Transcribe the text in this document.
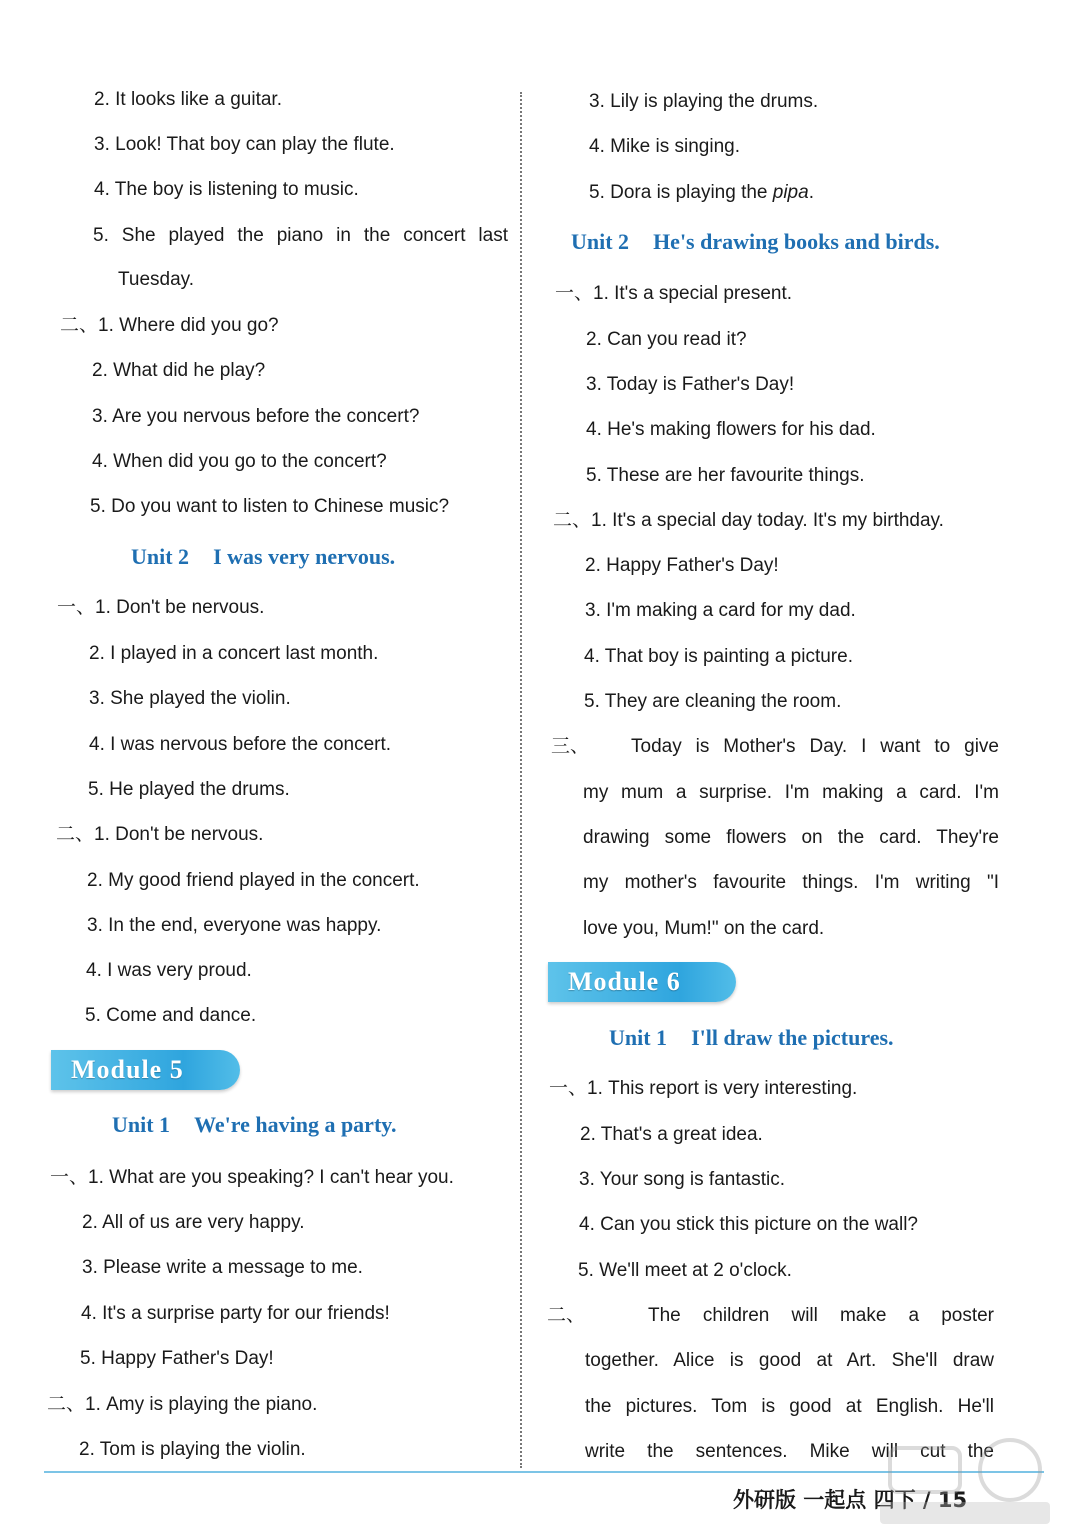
2. It looks like a guitar.
3. Look! That boy can play the flute.
4. The boy is listening to music.
5. She played the piano in the concert last
Tuesday.
二、1. Where did you go?
2. What did he play?
3. Are you nervous before the concert?
4. When did you go to the concert?
5. Do you want to listen to Chinese music?
Unit 2 I was very nervous.
一、1. Don't be nervous.
2. I played in a concert last month.
3. She played the violin.
4. I was nervous before the concert.
5. He played the drums.
二、1. Don't be nervous.
2. My good friend played in the concert.
3. In the end, everyone was happy.
4. I was very proud.
5. Come and dance.
Module 5
Unit 1 We're having a party.
一、1. What are you speaking? I can't hear you.
2. All of us are very happy.
3. Please write a message to me.
4. It's a surprise party for our friends!
5. Happy Father's Day!
二、1. Amy is playing the piano.
2. Tom is playing the violin.
3. Lily is playing the drums.
4. Mike is singing.
5. Dora is playing the pipa.
Unit 2 He's drawing books and birds.
一、1. It's a special present.
2. Can you read it?
3. Today is Father's Day!
4. He's making flowers for his dad.
5. These are her favourite things.
二、1. It's a special day today. It's my birthday.
2. Happy Father's Day!
3. I'm making a card for my dad.
4. That boy is painting a picture.
5. They are cleaning the room.
三、 Today is Mother's Day. I want to give
my mum a surprise. I'm making a card. I'm
drawing some flowers on the card. They're
my mother's favourite things. I'm writing "I
love you, Mum!" on the card.
Module 6
Unit 1 I'll draw the pictures.
一、1. This report is very interesting.
2. That's a great idea.
3. Your song is fantastic.
4. Can you stick this picture on the wall?
5. We'll meet at 2 o'clock.
二、	The children will make a poster
together. Alice is good at Art. She'll draw
the pictures. Tom is good at English. He'll
write the sentences. Mike will cut the
外研版 一起点 四下 / 15
